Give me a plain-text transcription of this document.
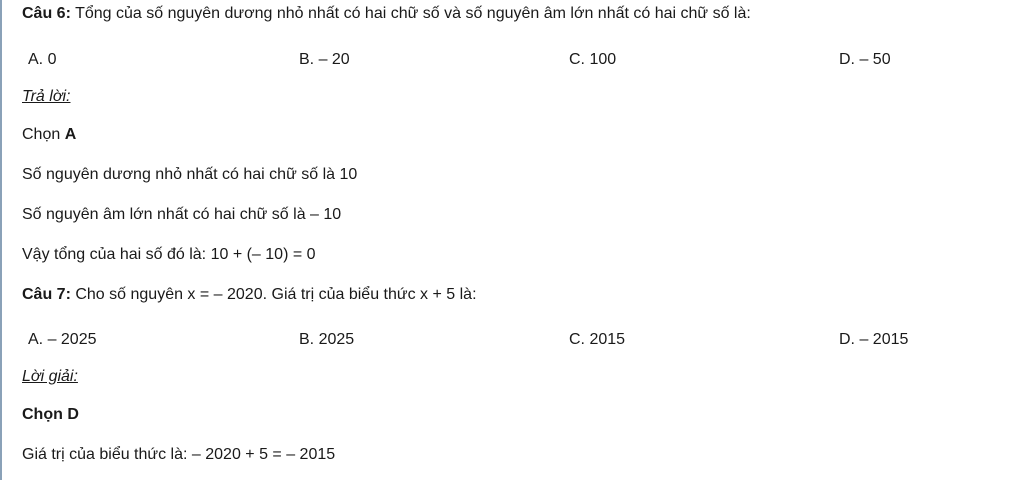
Câu 6: Tổng của số nguyên dương nhỏ nhất có hai chữ số và số nguyên âm lớn nhất có hai chữ số là:
A. 0	B. – 20	C. 100	D. – 50
Trả lời:
Chọn A
Số nguyên dương nhỏ nhất có hai chữ số là 10
Số nguyên âm lớn nhất có hai chữ số là – 10
Vậy tổng của hai số đó là: 10 + (– 10) = 0
Câu 7: Cho số nguyên x = – 2020. Giá trị của biểu thức x + 5 là:
A. – 2025	B. 2025	C. 2015	D. – 2015
Lời giải:
Chọn D
Giá trị của biểu thức là: – 2020 + 5 = – 2015
